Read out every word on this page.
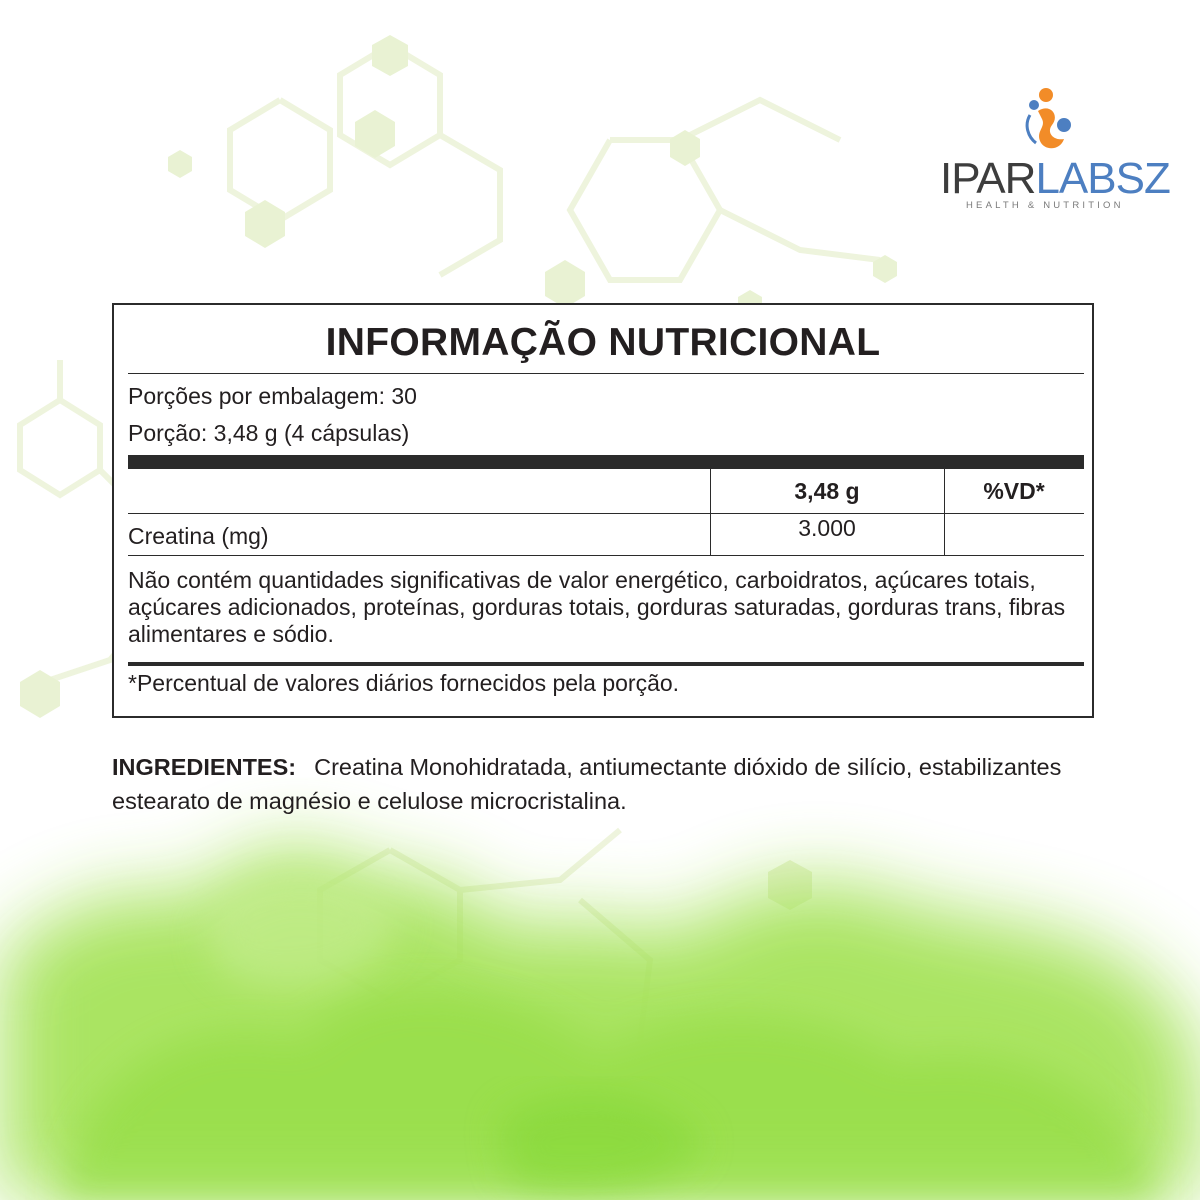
IPARLABSZ
HEALTH & NUTRITION
INFORMAÇÃO NUTRICIONAL
Porções por embalagem: 30
Porção: 3,48 g (4 cápsulas)
3,48 g	%VD*
Creatina (mg)	3.000
Não contém quantidades significativas de valor energético, carboidratos, açúcares totais, açúcares adicionados, proteínas, gorduras totais, gorduras saturadas, gorduras trans, fibras alimentares e sódio.
*Percentual de valores diários fornecidos pela porção.
INGREDIENTES: Creatina Monohidratada, antiumectante dióxido de silício, estabilizantes estearato de magnésio e celulose microcristalina.
